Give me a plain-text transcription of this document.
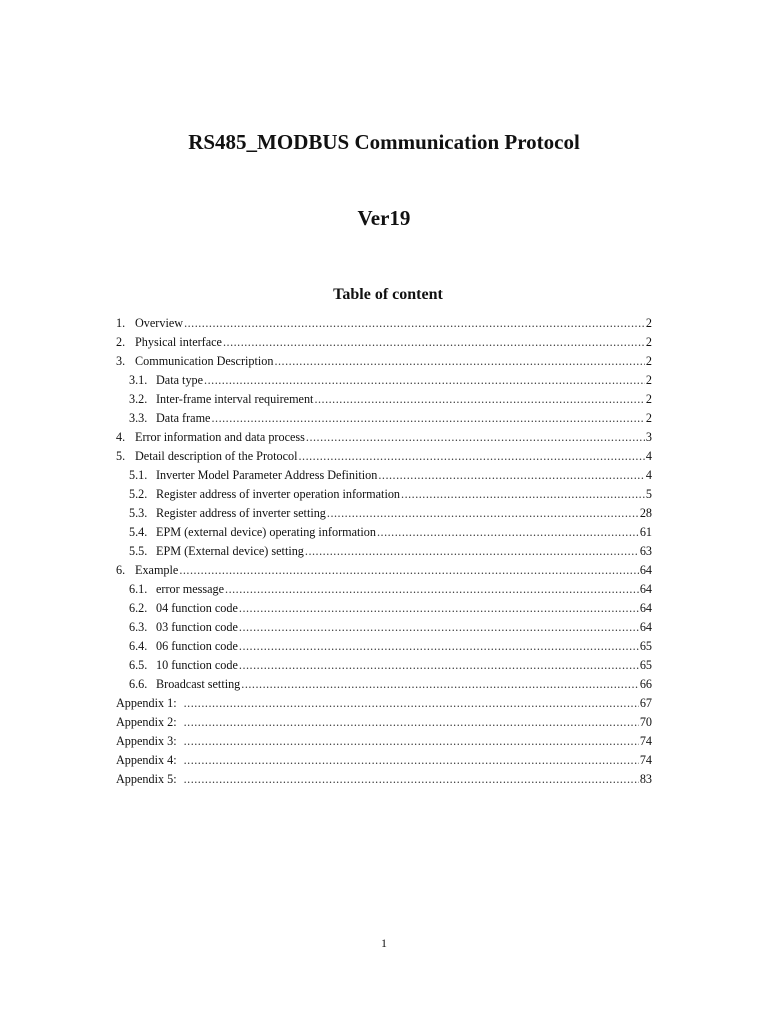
RS485_MODBUS Communication Protocol
Ver19
Table of content
1. Overview .....	2
2. Physical interface .....	2
3. Communication Description .....	2
3.1. Data type .....	2
3.2. Inter-frame interval requirement .....	2
3.3. Data frame .....	2
4. Error information and data process .....	3
5. Detail description of the Protocol .....	4
5.1. Inverter Model Parameter Address Definition .....	4
5.2. Register address of inverter operation information .....	5
5.3. Register address of inverter setting .....	28
5.4. EPM (external device) operating information .....	61
5.5. EPM (External device) setting .....	63
6. Example .....	64
6.1. error message .....	64
6.2. 04 function code .....	64
6.3. 03 function code .....	64
6.4. 06 function code .....	65
6.5. 10 function code .....	65
6.6. Broadcast setting .....	66
Appendix 1 : .....	67
Appendix 2 : .....	70
Appendix 3 : .....	74
Appendix 4 : .....	74
Appendix 5 : .....	83
1
